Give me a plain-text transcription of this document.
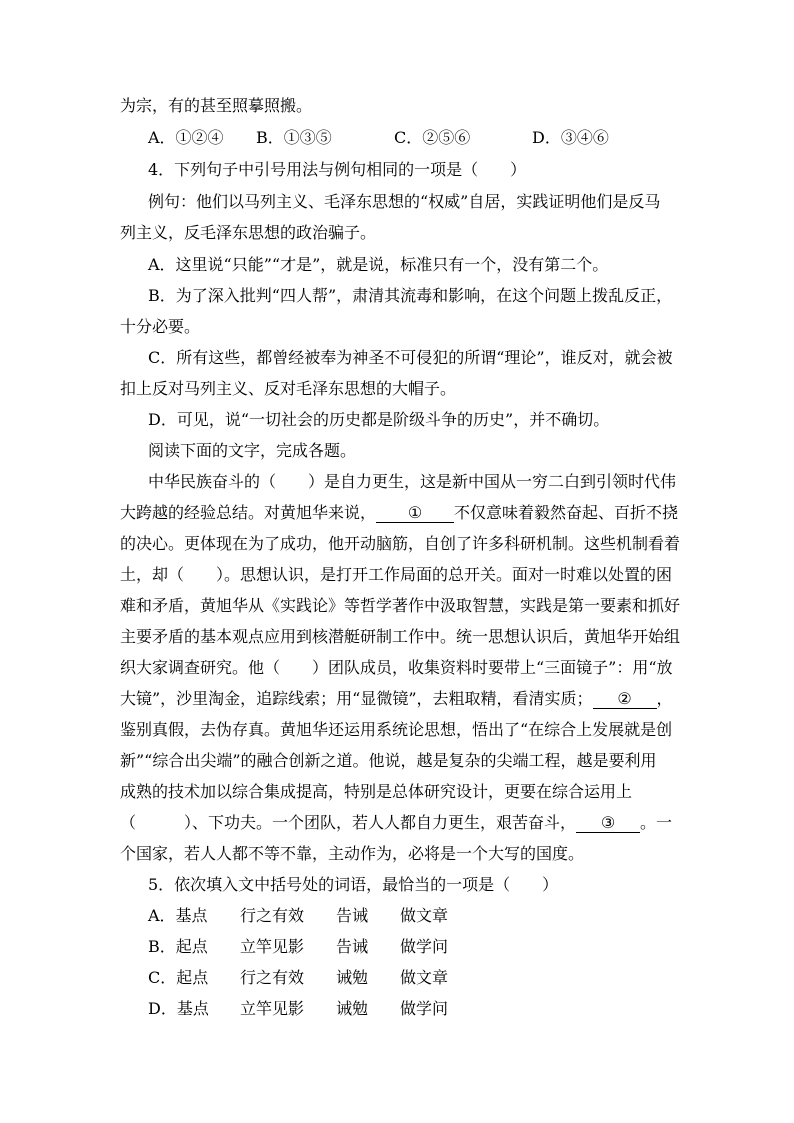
为宗，有的甚至照摹照搬。
A．①②④ B．①③⑤	C．②⑤⑥	D．③④⑥
4．下列句子中引号用法与例句相同的一项是（　　）
例句：他们以马列主义、毛泽东思想的“权威”自居，实践证明他们是反马
列主义，反毛泽东思想的政治骗子。
A．这里说“只能”“才是”，就是说，标准只有一个，没有第二个。
B．为了深入批判“四人帮”，肃清其流毒和影响，在这个问题上拨乱反正，
十分必要。
C．所有这些，都曾经被奉为神圣不可侵犯的所谓“理论”，谁反对，就会被
扣上反对马列主义、反对毛泽东思想的大帽子。
D．可见，说“一切社会的历史都是阶级斗争的历史”，并不确切。
阅读下面的文字，完成各题。
中华民族奋斗的（　　）是自力更生，这是新中国从一穷二白到引领时代伟
大跨越的经验总结。对黄旭华来说， ① 不仅意味着毅然奋起、百折不挠
的决心。更体现在为了成功，他开动脑筋，自创了许多科研机制。这些机制看着
土，却（　　）。思想认识，是打开工作局面的总开关。面对一时难以处置的困
难和矛盾，黄旭华从《实践论》等哲学著作中汲取智慧，实践是第一要素和抓好
主要矛盾的基本观点应用到核潜艇研制工作中。统一思想认识后，黄旭华开始组
织大家调查研究。他（　　）团队成员，收集资料时要带上“三面镜子”：用“放
大镜”，沙里淘金，追踪线索；用“显微镜”，去粗取精，看清实质； ② ，
鉴别真假，去伪存真。黄旭华还运用系统论思想，悟出了“在综合上发展就是创
新”“综合出尖端”的融合创新之道。他说，越是复杂的尖端工程，越是要利用
成熟的技术加以综合集成提高，特别是总体研究设计，更要在综合运用上
（　　　）、下功夫。一个团队，若人人都自力更生，艰苦奋斗， ③ 。一
个国家，若人人都不等不靠，主动作为，必将是一个大写的国度。
5．依次填入文中括号处的词语，最恰当的一项是（　　）
A．基点 行之有效 告诫 做文章
B．起点 立竿见影 告诫 做学问
C．起点 行之有效 诫勉 做文章
D．基点 立竿见影 诫勉 做学问
